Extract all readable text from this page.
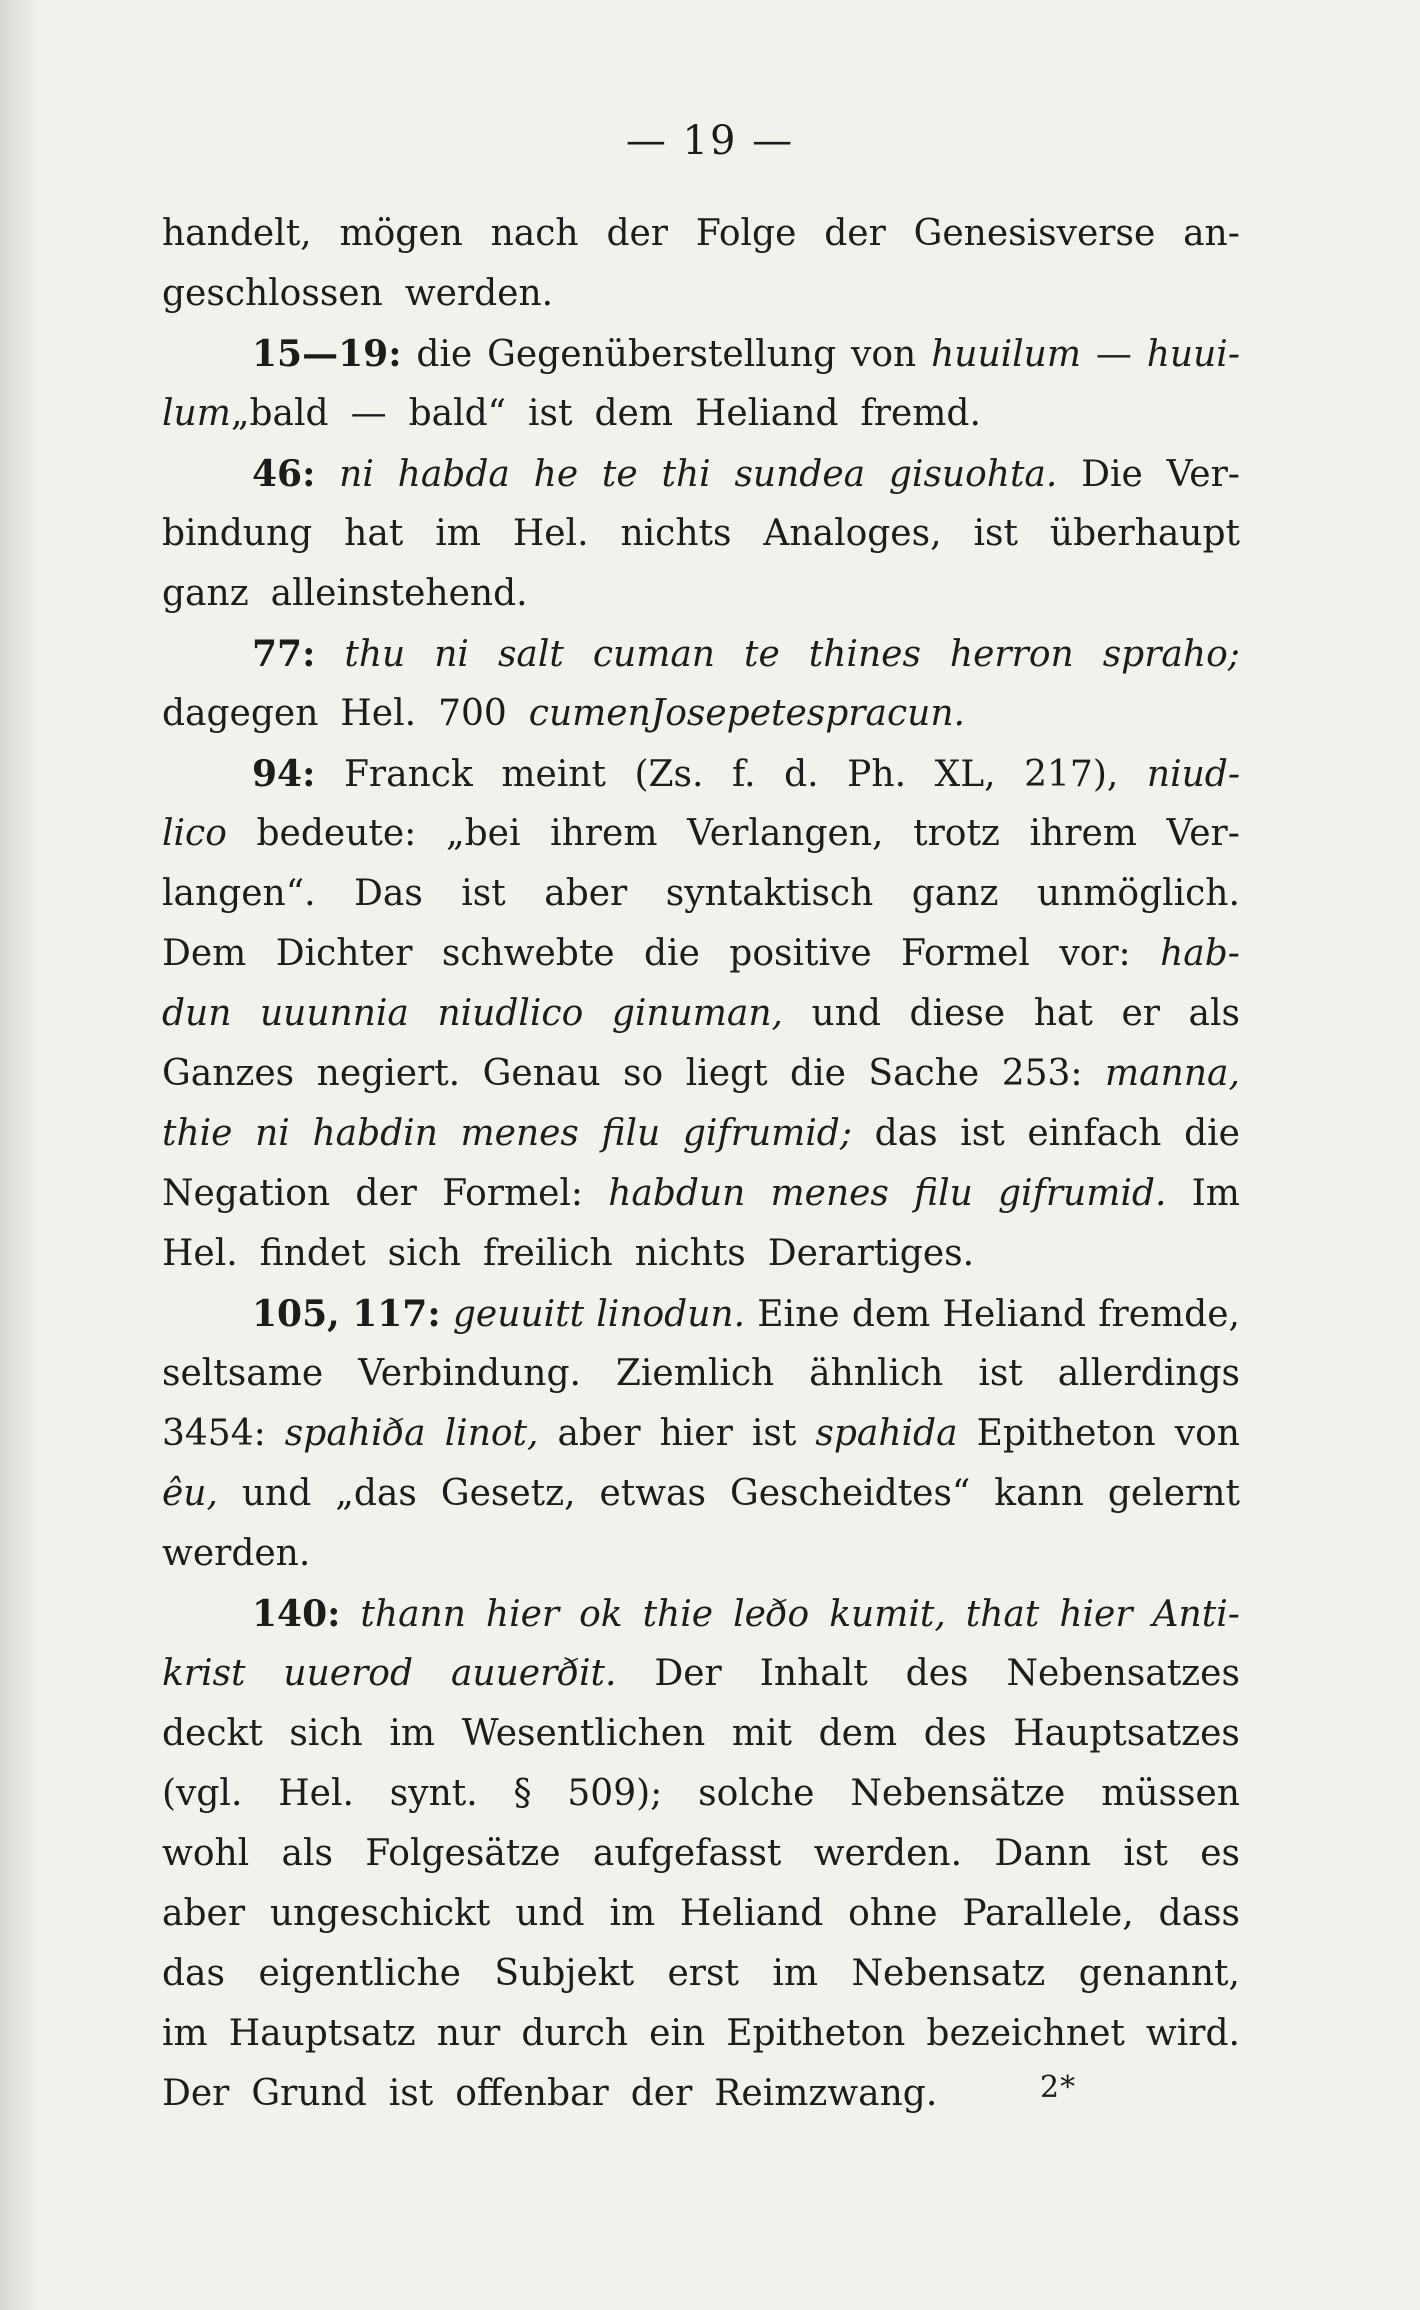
— 19 —
handelt, mögen nach der Folge der Genesisverse an-
geschlossen werden.
15—19: die Gegenüberstellung von huuilum — huui-
lum „bald — bald“ ist dem Heliand fremd.
46: ni habda he te thi sundea gisuohta. Die Ver-
bindung hat im Hel. nichts Analoges, ist überhaupt
ganz alleinstehend.
77: thu ni salt cuman te thines herron spraho;
dagegen Hel. 700 cumen Josepe te spracun.
94: Franck meint (Zs. f. d. Ph. XL, 217), niud-
lico bedeute: „bei ihrem Verlangen, trotz ihrem Ver-
langen“. Das ist aber syntaktisch ganz unmöglich.
Dem Dichter schwebte die positive Formel vor: hab-
dun uuunnia niudlico ginuman, und diese hat er als
Ganzes negiert. Genau so liegt die Sache 253: manna,
thie ni habdin menes filu gifrumid; das ist einfach die
Negation der Formel: habdun menes filu gifrumid. Im
Hel. findet sich freilich nichts Derartiges.
105, 117: geuuitt linodun. Eine dem Heliand fremde,
seltsame Verbindung. Ziemlich ähnlich ist allerdings
3454: spahiða linot, aber hier ist spahida Epitheton von
êu, und „das Gesetz, etwas Gescheidtes“ kann gelernt
werden.
140: thann hier ok thie leðo kumit, that hier Anti-
krist uuerod auuerðit. Der Inhalt des Nebensatzes
deckt sich im Wesentlichen mit dem des Hauptsatzes
(vgl. Hel. synt. § 509); solche Nebensätze müssen
wohl als Folgesätze aufgefasst werden. Dann ist es
aber ungeschickt und im Heliand ohne Parallele, dass
das eigentliche Subjekt erst im Nebensatz genannt,
im Hauptsatz nur durch ein Epitheton bezeichnet wird.
Der Grund ist offenbar der Reimzwang.	2*
